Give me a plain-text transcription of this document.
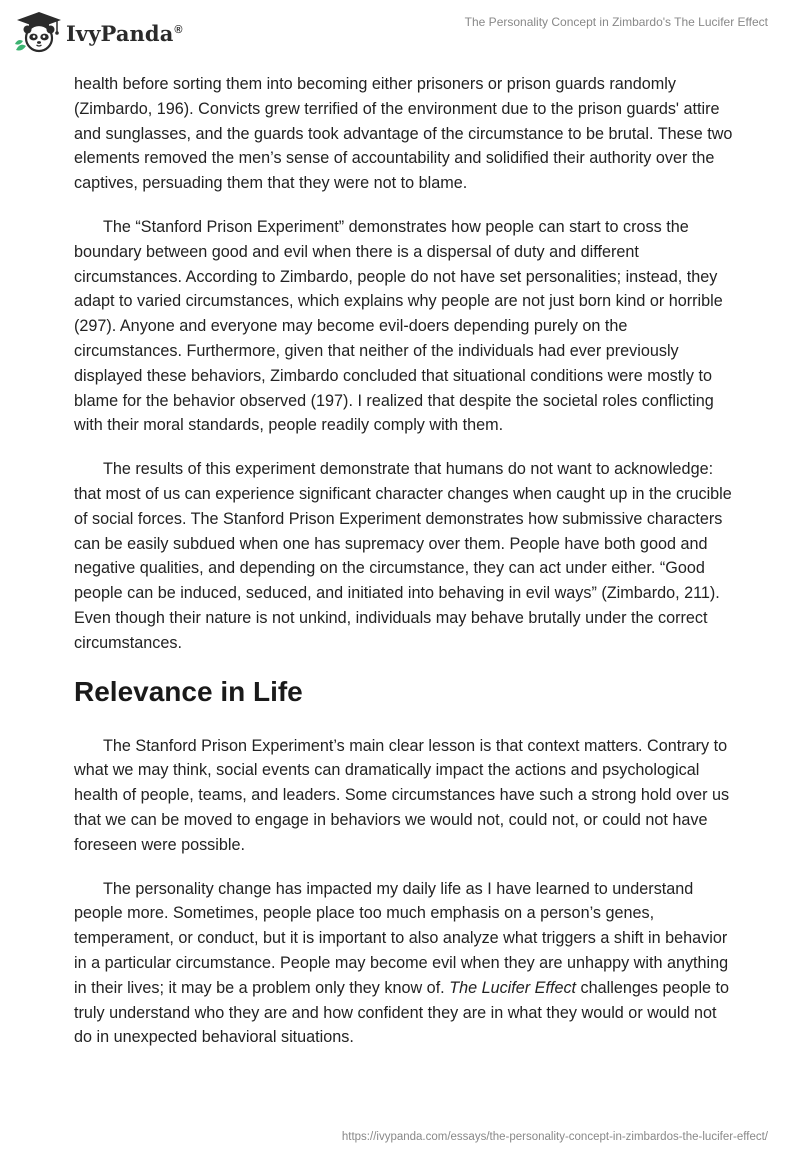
IvyPanda®
The Personality Concept in Zimbardo's The Lucifer Effect

health before sorting them into becoming either prisoners or prison guards randomly (Zimbardo, 196). Convicts grew terrified of the environment due to the prison guards' attire and sunglasses, and the guards took advantage of the circumstance to be brutal. These two elements removed the men’s sense of accountability and solidified their authority over the captives, persuading them that they were not to blame.

The “Stanford Prison Experiment” demonstrates how people can start to cross the boundary between good and evil when there is a dispersal of duty and different circumstances. According to Zimbardo, people do not have set personalities; instead, they adapt to varied circumstances, which explains why people are not just born kind or horrible (297). Anyone and everyone may become evil-doers depending purely on the circumstances. Furthermore, given that neither of the individuals had ever previously displayed these behaviors, Zimbardo concluded that situational conditions were mostly to blame for the behavior observed (197). I realized that despite the societal roles conflicting with their moral standards, people readily comply with them.

The results of this experiment demonstrate that humans do not want to acknowledge: that most of us can experience significant character changes when caught up in the crucible of social forces. The Stanford Prison Experiment demonstrates how submissive characters can be easily subdued when one has supremacy over them. People have both good and negative qualities, and depending on the circumstance, they can act under either. “Good people can be induced, seduced, and initiated into behaving in evil ways” (Zimbardo, 211). Even though their nature is not unkind, individuals may behave brutally under the correct circumstances.

Relevance in Life

The Stanford Prison Experiment’s main clear lesson is that context matters. Contrary to what we may think, social events can dramatically impact the actions and psychological health of people, teams, and leaders. Some circumstances have such a strong hold over us that we can be moved to engage in behaviors we would not, could not, or could not have foreseen were possible.

The personality change has impacted my daily life as I have learned to understand people more. Sometimes, people place too much emphasis on a person’s genes, temperament, or conduct, but it is important to also analyze what triggers a shift in behavior in a particular circumstance. People may become evil when they are unhappy with anything in their lives; it may be a problem only they know of. The Lucifer Effect challenges people to truly understand who they are and how confident they are in what they would or would not do in unexpected behavioral situations.

https://ivypanda.com/essays/the-personality-concept-in-zimbardos-the-lucifer-effect/
